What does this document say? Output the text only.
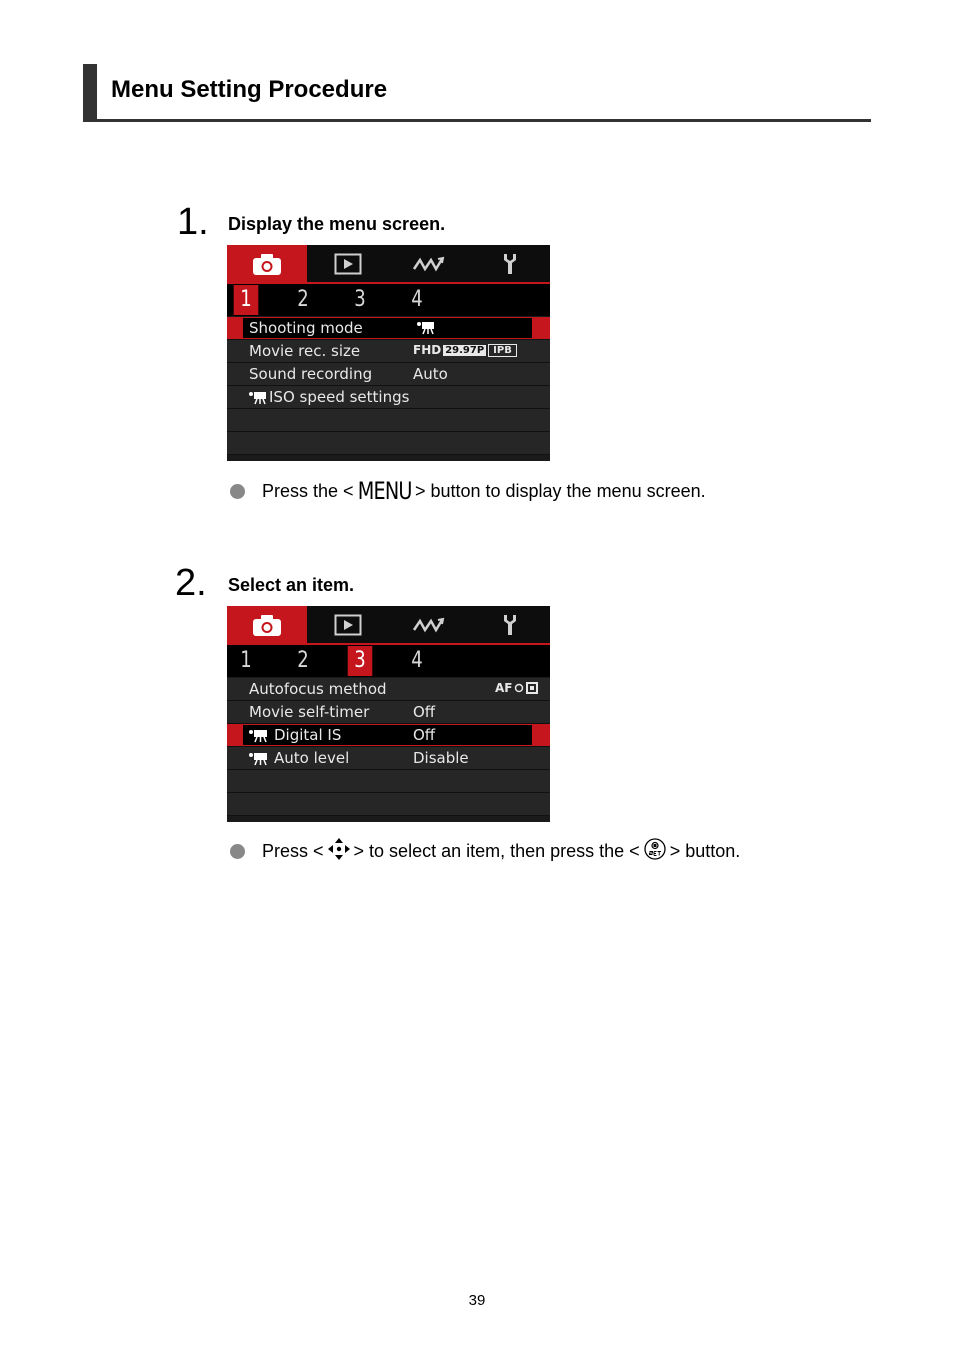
Menu Setting Procedure
1. Display the menu screen.
1 2 3 4
Shooting mode
Movie rec. size	FHD 29.97P IPB
Sound recording	Auto
ISO speed settings
Press the < MENU > button to display the menu screen.
2. Select an item.
1 2 3 4
Autofocus method	AF
Movie self-timer	Off
Digital IS	Off
Auto level	Disable
Press < > to select an item, then press the < > button.
39
